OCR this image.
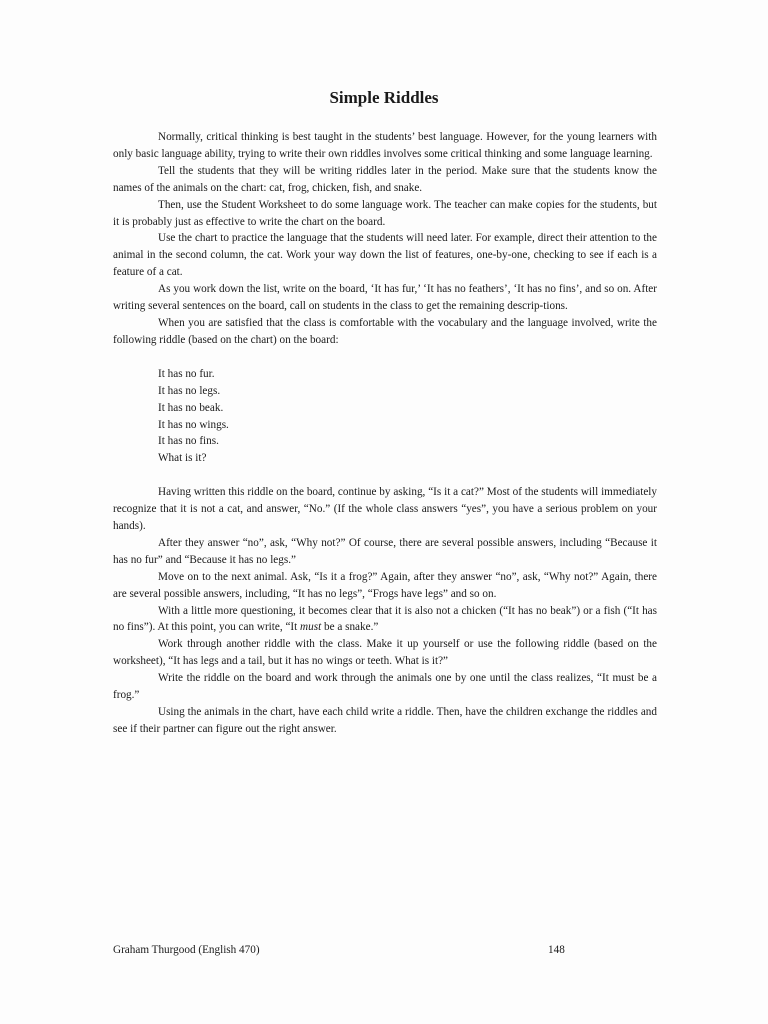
Simple Riddles

Normally, critical thinking is best taught in the students’ best language. However, for the young learners with only basic language ability, trying to write their own riddles involves some critical thinking and some language learning.

Tell the students that they will be writing riddles later in the period. Make sure that the students know the names of the animals on the chart: cat, frog, chicken, fish, and snake.

Then, use the Student Worksheet to do some language work. The teacher can make copies for the students, but it is probably just as effective to write the chart on the board.

Use the chart to practice the language that the students will need later. For example, direct their attention to the animal in the second column, the cat. Work your way down the list of features, one-by-one, checking to see if each is a feature of a cat.

As you work down the list, write on the board, ‘It has fur,’ ‘It has no feathers’, ‘It has no fins’, and so on. After writing several sentences on the board, call on students in the class to get the remaining descrip-tions.

When you are satisfied that the class is comfortable with the vocabulary and the language involved, write the following riddle (based on the chart) on the board:

It has no fur.
It has no legs.
It has no beak.
It has no wings.
It has no fins.
What is it?

Having written this riddle on the board, continue by asking, “Is it a cat?” Most of the students will immediately recognize that it is not a cat, and answer, “No.” (If the whole class answers “yes”, you have a serious problem on your hands).

After they answer “no”, ask, “Why not?” Of course, there are several possible answers, including “Because it has no fur” and “Because it has no legs.”

Move on to the next animal. Ask, “Is it a frog?” Again, after they answer “no”, ask, “Why not?” Again, there are several possible answers, including, “It has no legs”, “Frogs have legs” and so on.

With a little more questioning, it becomes clear that it is also not a chicken (“It has no beak”) or a fish (“It has no fins”). At this point, you can write, “It must be a snake.”

Work through another riddle with the class. Make it up yourself or use the following riddle (based on the worksheet), “It has legs and a tail, but it has no wings or teeth. What is it?”

Write the riddle on the board and work through the animals one by one until the class realizes, “It must be a frog.”

Using the animals in the chart, have each child write a riddle. Then, have the children exchange the riddles and see if their partner can figure out the right answer.

Graham Thurgood (English 470)	148
